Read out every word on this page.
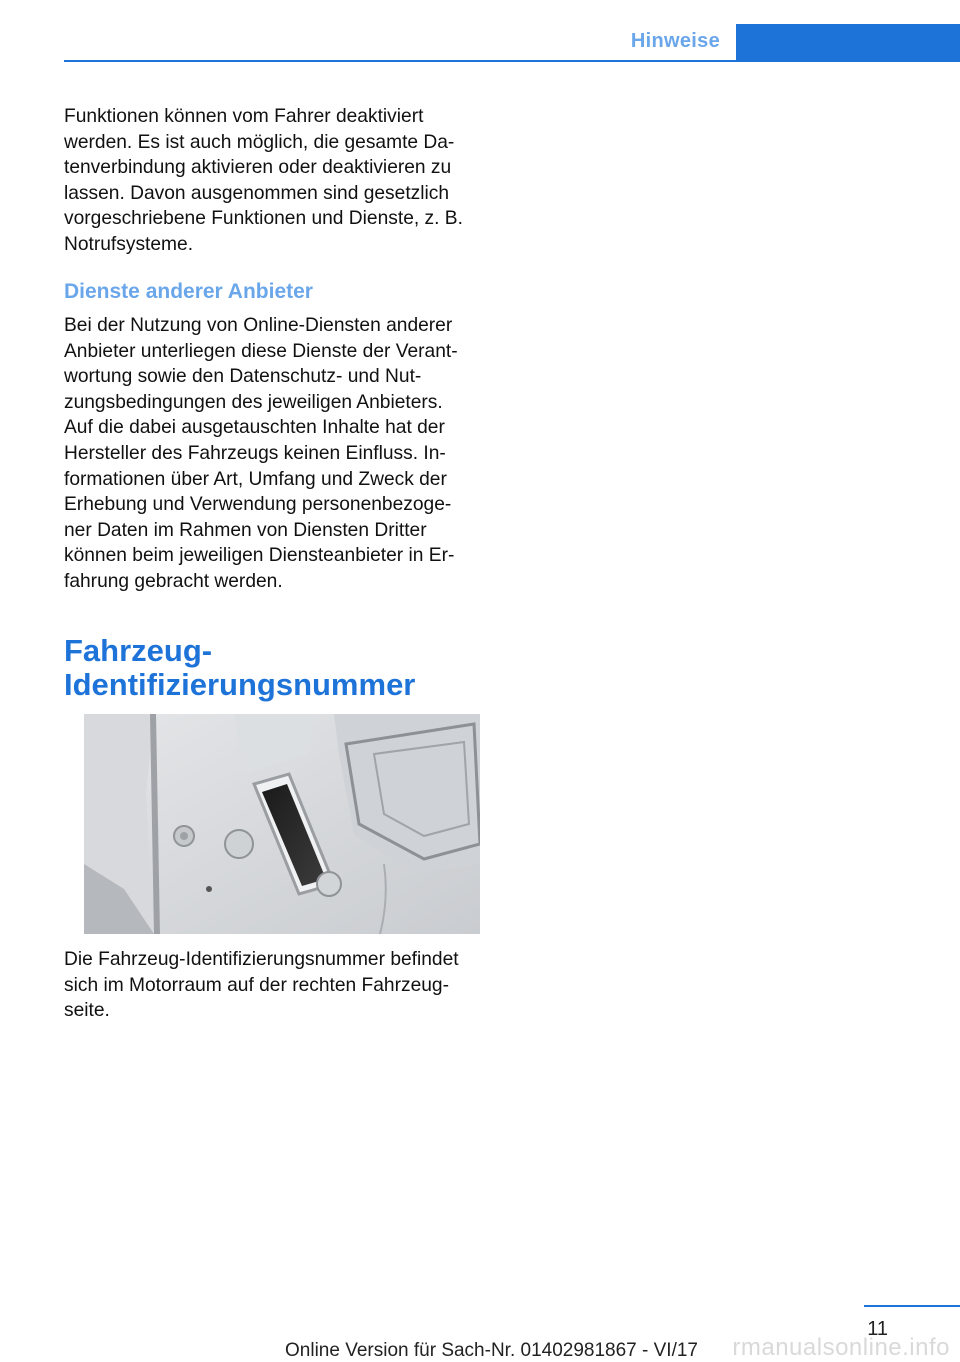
Hinweise

Funktionen können vom Fahrer deaktiviert
werden. Es ist auch möglich, die gesamte Da‐
tenverbindung aktivieren oder deaktivieren zu
lassen. Davon ausgenommen sind gesetzlich
vorgeschriebene Funktionen und Dienste, z. B.
Notrufsysteme.

Dienste anderer Anbieter

Bei der Nutzung von Online-Diensten anderer
Anbieter unterliegen diese Dienste der Verant‐
wortung sowie den Datenschutz- und Nut‐
zungsbedingungen des jeweiligen Anbieters.
Auf die dabei ausgetauschten Inhalte hat der
Hersteller des Fahrzeugs keinen Einfluss. In‐
formationen über Art, Umfang und Zweck der
Erhebung und Verwendung personenbezoge‐
ner Daten im Rahmen von Diensten Dritter
können beim jeweiligen Diensteanbieter in Er‐
fahrung gebracht werden.

Fahrzeug-
Identifizierungsnummer

Die Fahrzeug-Identifizierungsnummer befindet
sich im Motorraum auf der rechten Fahrzeug‐
seite.

11
rmanualsonline.info
Online Version für Sach-Nr. 01402981867 - VI/17
